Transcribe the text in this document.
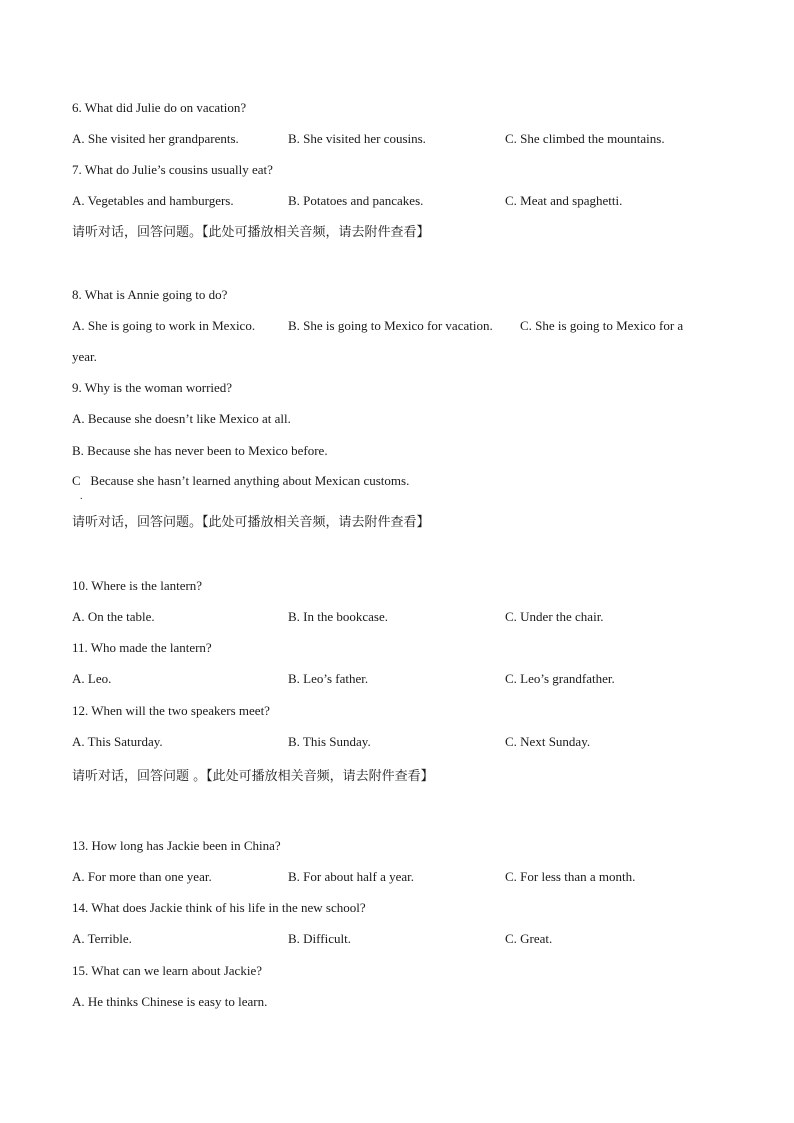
6. What did Julie do on vacation?
A. She visited her grandparents.	B. She visited her cousins.	C. She climbed the mountains.
7. What do Julie’s cousins usually eat?
A. Vegetables and hamburgers.	B. Potatoes and pancakes.	C. Meat and spaghetti.
请听对话，回答问题。【此处可播放相关音频，请去附件查看】
8. What is Annie going to do?
A. She is going to work in Mexico.	B. She is going to Mexico for vacation. C. She is going to Mexico for a
year.
9. Why is the woman worried?
A. Because she doesn’t like Mexico at all.
B. Because she has never been to Mexico before.
C   Because she hasn’t learned anything about Mexican customs.
.
请听对话，回答问题。【此处可播放相关音频，请去附件查看】
10. Where is the lantern?
A. On the table.	B. In the bookcase.	C. Under the chair.
11. Who made the lantern?
A. Leo.	B. Leo’s father.	C. Leo’s grandfather.
12. When will the two speakers meet?
A. This Saturday.	B. This Sunday.	C. Next Sunday.
请听对话，回答问题 。【此处可播放相关音频，请去附件查看】
13. How long has Jackie been in China?
A. For more than one year.	B. For about half a year.	C. For less than a month.
14. What does Jackie think of his life in the new school?
A. Terrible.	B. Difficult.	C. Great.
15. What can we learn about Jackie?
A. He thinks Chinese is easy to learn.
